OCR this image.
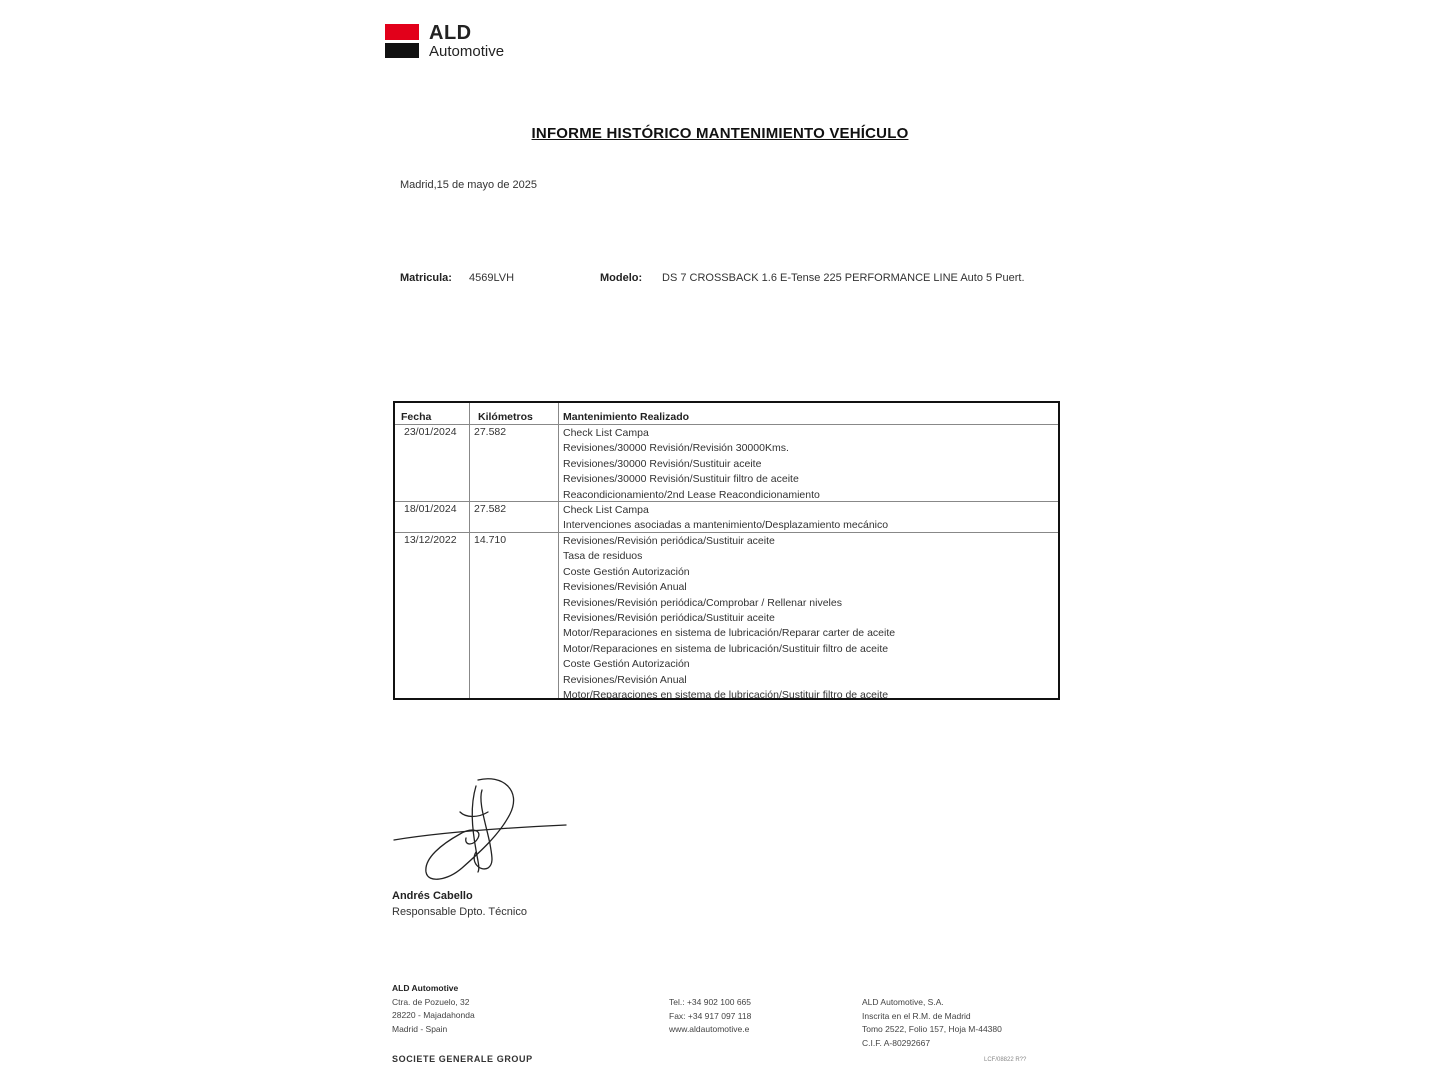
ALD
Automotive
INFORME HISTÓRICO MANTENIMIENTO VEHÍCULO
Madrid,15 de mayo de 2025
Matricula: 4569LVH	Modelo: DS 7 CROSSBACK 1.6 E-Tense 225 PERFORMANCE LINE Auto 5 Puert.
Fecha	Kilómetros	Mantenimiento Realizado
23/01/2024 27.582	Check List Campa
Revisiones/30000 Revisión/Revisión 30000Kms.
Revisiones/30000 Revisión/Sustituir aceite
Revisiones/30000 Revisión/Sustituir filtro de aceite
Reacondicionamiento/2nd Lease Reacondicionamiento
18/01/2024 27.582	Check List Campa
Intervenciones asociadas a mantenimiento/Desplazamiento mecánico
13/12/2022 14.710	Revisiones/Revisión periódica/Sustituir aceite
Tasa de residuos
Coste Gestión Autorización
Revisiones/Revisión Anual
Revisiones/Revisión periódica/Comprobar / Rellenar niveles
Revisiones/Revisión periódica/Sustituir aceite
Motor/Reparaciones en sistema de lubricación/Reparar carter de aceite
Motor/Reparaciones en sistema de lubricación/Sustituir filtro de aceite
Coste Gestión Autorización
Revisiones/Revisión Anual
Motor/Reparaciones en sistema de lubricación/Sustituir filtro de aceite
Andrés Cabello
Responsable Dpto. Técnico
ALD Automotive
Ctra. de Pozuelo, 32
28220 - Majadahonda
Madrid - Spain
Tel.: +34 902 100 665
Fax: +34 917 097 118
www.aldautomotive.e
ALD Automotive, S.A.
Inscrita en el R.M. de Madrid
Tomo 2522, Folio 157, Hoja M-44380
C.I.F. A-80292667
SOCIETE GENERALE GROUP	LCF/08822 R??
